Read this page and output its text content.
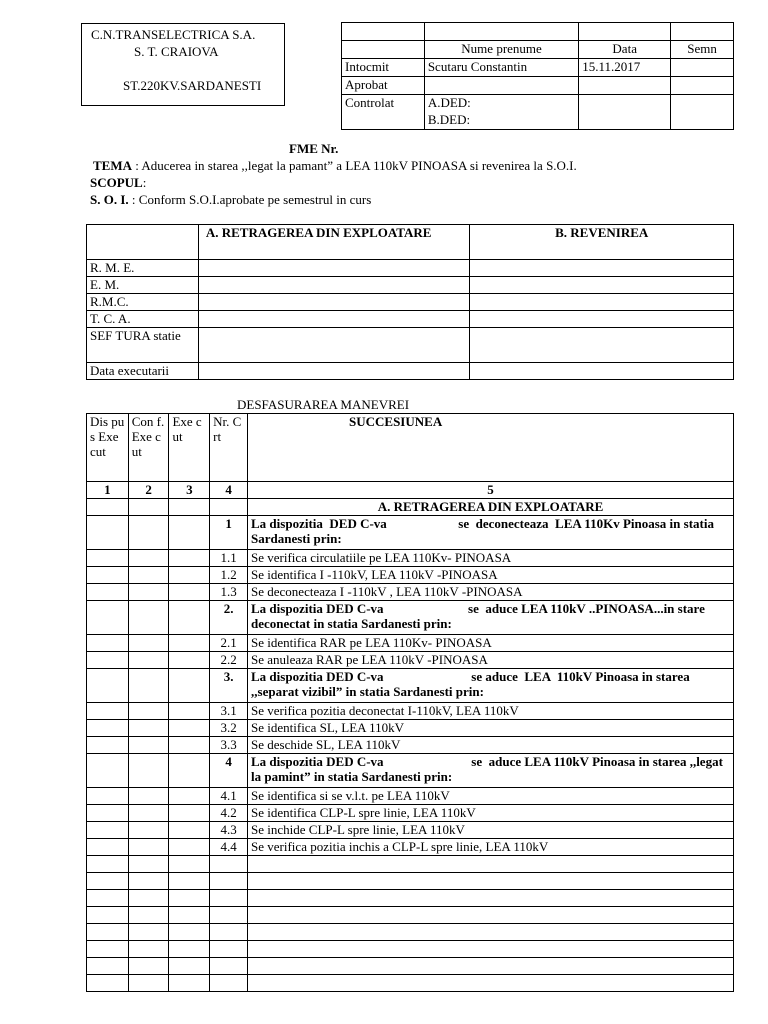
C.N.TRANSELECTRICA S.A.
S. T. CRAIOVA
ST.220KV.SARDANESTI

	Nume prenume	Data	Semn
Intocmit	Scutaru Constantin	15.11.2017	
Aprobat			
Controlat	A.DED:		
	B.DED:		
FME Nr.
TEMA : Aducerea in starea ,,legat la pamant” a LEA 110kV PINOASA si revenirea la S.O.I.
SCOPUL:
S. O. I. : Conform S.O.I.aprobate pe semestrul in curs
	A. RETRAGEREA DIN EXPLOATARE	B. REVENIREA
R. M. E.		
E. M.		
R.M.C.		
T. C. A.		
SEF TURA statie		
Data executarii		
DESFASURAREA MANEVREI
Dis pus Exe cut	Con f. Exe cut	Exe cut	Nr. Crt	SUCCESIUNEA
1	2	3	4	5
				A. RETRAGEREA DIN EXPLOATARE
			1	La dispozitia  DED C-va                      se  deconecteaza  LEA 110Kv Pinoasa in statia Sardanesti prin:
			1.1	Se verifica circulatiile pe LEA 110Kv- PINOASA
			1.2	Se identifica I -110kV, LEA 110kV -PINOASA
			1.3	Se deconecteaza I -110kV , LEA 110kV -PINOASA
			2.	La dispozitia DED C-va                          se  aduce LEA 110kV ..PINOASA...in stare deconectat in statia Sardanesti prin:
			2.1	Se identifica RAR pe LEA 110Kv- PINOASA
			2.2	Se anuleaza RAR pe LEA 110kV -PINOASA
			3.	La dispozitia DED C-va                           se aduce  LEA  110kV Pinoasa in starea ,,separat vizibil” in statia Sardanesti prin:
			3.1	Se verifica pozitia deconectat I-110kV, LEA 110kV
			3.2	Se identifica SL, LEA 110kV
			3.3	Se deschide SL, LEA 110kV
			4	La dispozitia DED C-va                           se  aduce LEA 110kV Pinoasa in starea ,,legat la pamint” in statia Sardanesti prin:
			4.1	Se identifica si se v.l.t. pe LEA 110kV
			4.2	Se identifica CLP-L spre linie, LEA 110kV
			4.3	Se inchide CLP-L spre linie, LEA 110kV
			4.4	Se verifica pozitia inchis a CLP-L spre linie, LEA 110kV
